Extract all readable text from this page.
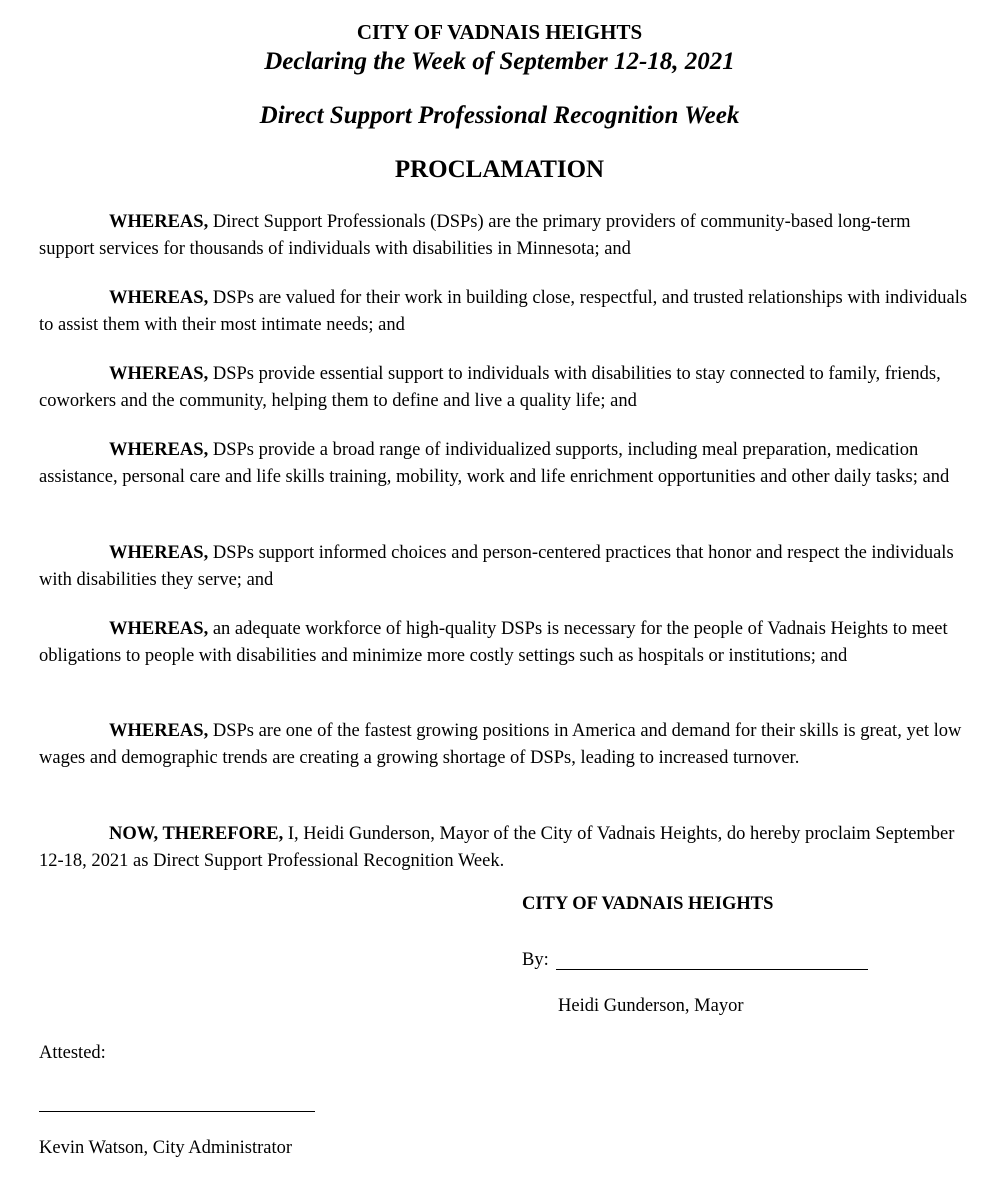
CITY OF VADNAIS HEIGHTS
Declaring the Week of September 12-18, 2021
Direct Support Professional Recognition Week
PROCLAMATION

WHEREAS, Direct Support Professionals (DSPs) are the primary providers of community-based long-term support services for thousands of individuals with disabilities in Minnesota; and

WHEREAS, DSPs are valued for their work in building close, respectful, and trusted relationships with individuals to assist them with their most intimate needs; and

WHEREAS, DSPs provide essential support to individuals with disabilities to stay connected to family, friends, coworkers and the community, helping them to define and live a quality life; and

WHEREAS, DSPs provide a broad range of individualized supports, including meal preparation, medication assistance, personal care and life skills training, mobility, work and life enrichment opportunities and other daily tasks; and

WHEREAS, DSPs support informed choices and person-centered practices that honor and respect the individuals with disabilities they serve; and

WHEREAS, an adequate workforce of high-quality DSPs is necessary for the people of Vadnais Heights to meet obligations to people with disabilities and minimize more costly settings such as hospitals or institutions; and

WHEREAS, DSPs are one of the fastest growing positions in America and demand for their skills is great, yet low wages and demographic trends are creating a growing shortage of DSPs, leading to increased turnover.

NOW, THEREFORE, I, Heidi Gunderson, Mayor of the City of Vadnais Heights, do hereby proclaim September 12-18, 2021 as Direct Support Professional Recognition Week.

CITY OF VADNAIS HEIGHTS
By:
Heidi Gunderson, Mayor
Attested:
Kevin Watson, City Administrator
